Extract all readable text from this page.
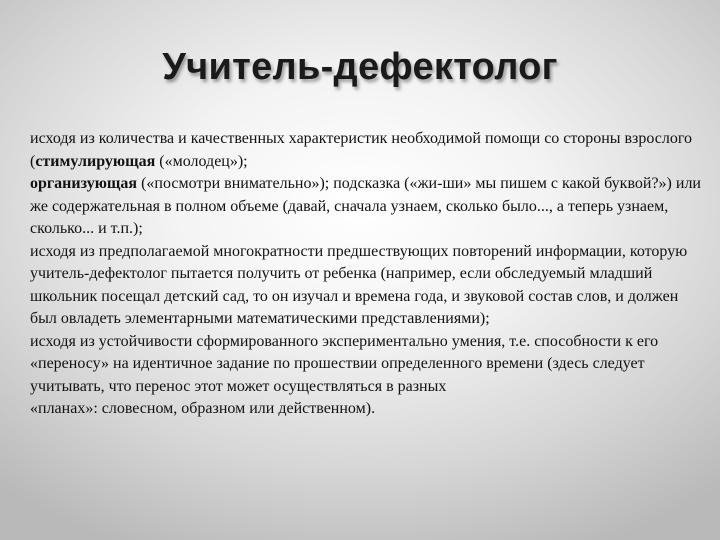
Учитель-дефектолог

исходя из количества и качественных характеристик необходимой помощи со стороны взрослого (стимулирующая («молодец»);

организующая («посмотри внимательно»); подсказка («жи-ши» мы пишем с какой буквой?») или же содержательная в полном объеме (давай, сначала узнаем, сколько было..., а теперь узнаем, сколько... и т.п.);

исходя из предполагаемой многократности предшествующих повторений информации, которую учитель-дефектолог пытается получить от ребенка (например, если обследуемый младший школьник посещал детский сад, то он изучал и времена года, и звуковой состав слов, и должен был овладеть элементарными математическими представлениями);

исходя из устойчивости сформированного экспериментально умения, т.е. способности к его «переносу» на идентичное задание по прошествии определенного времени (здесь следует учитывать, что перенос этот может осуществляться в разных

«планах»: словесном, образном или действенном).
